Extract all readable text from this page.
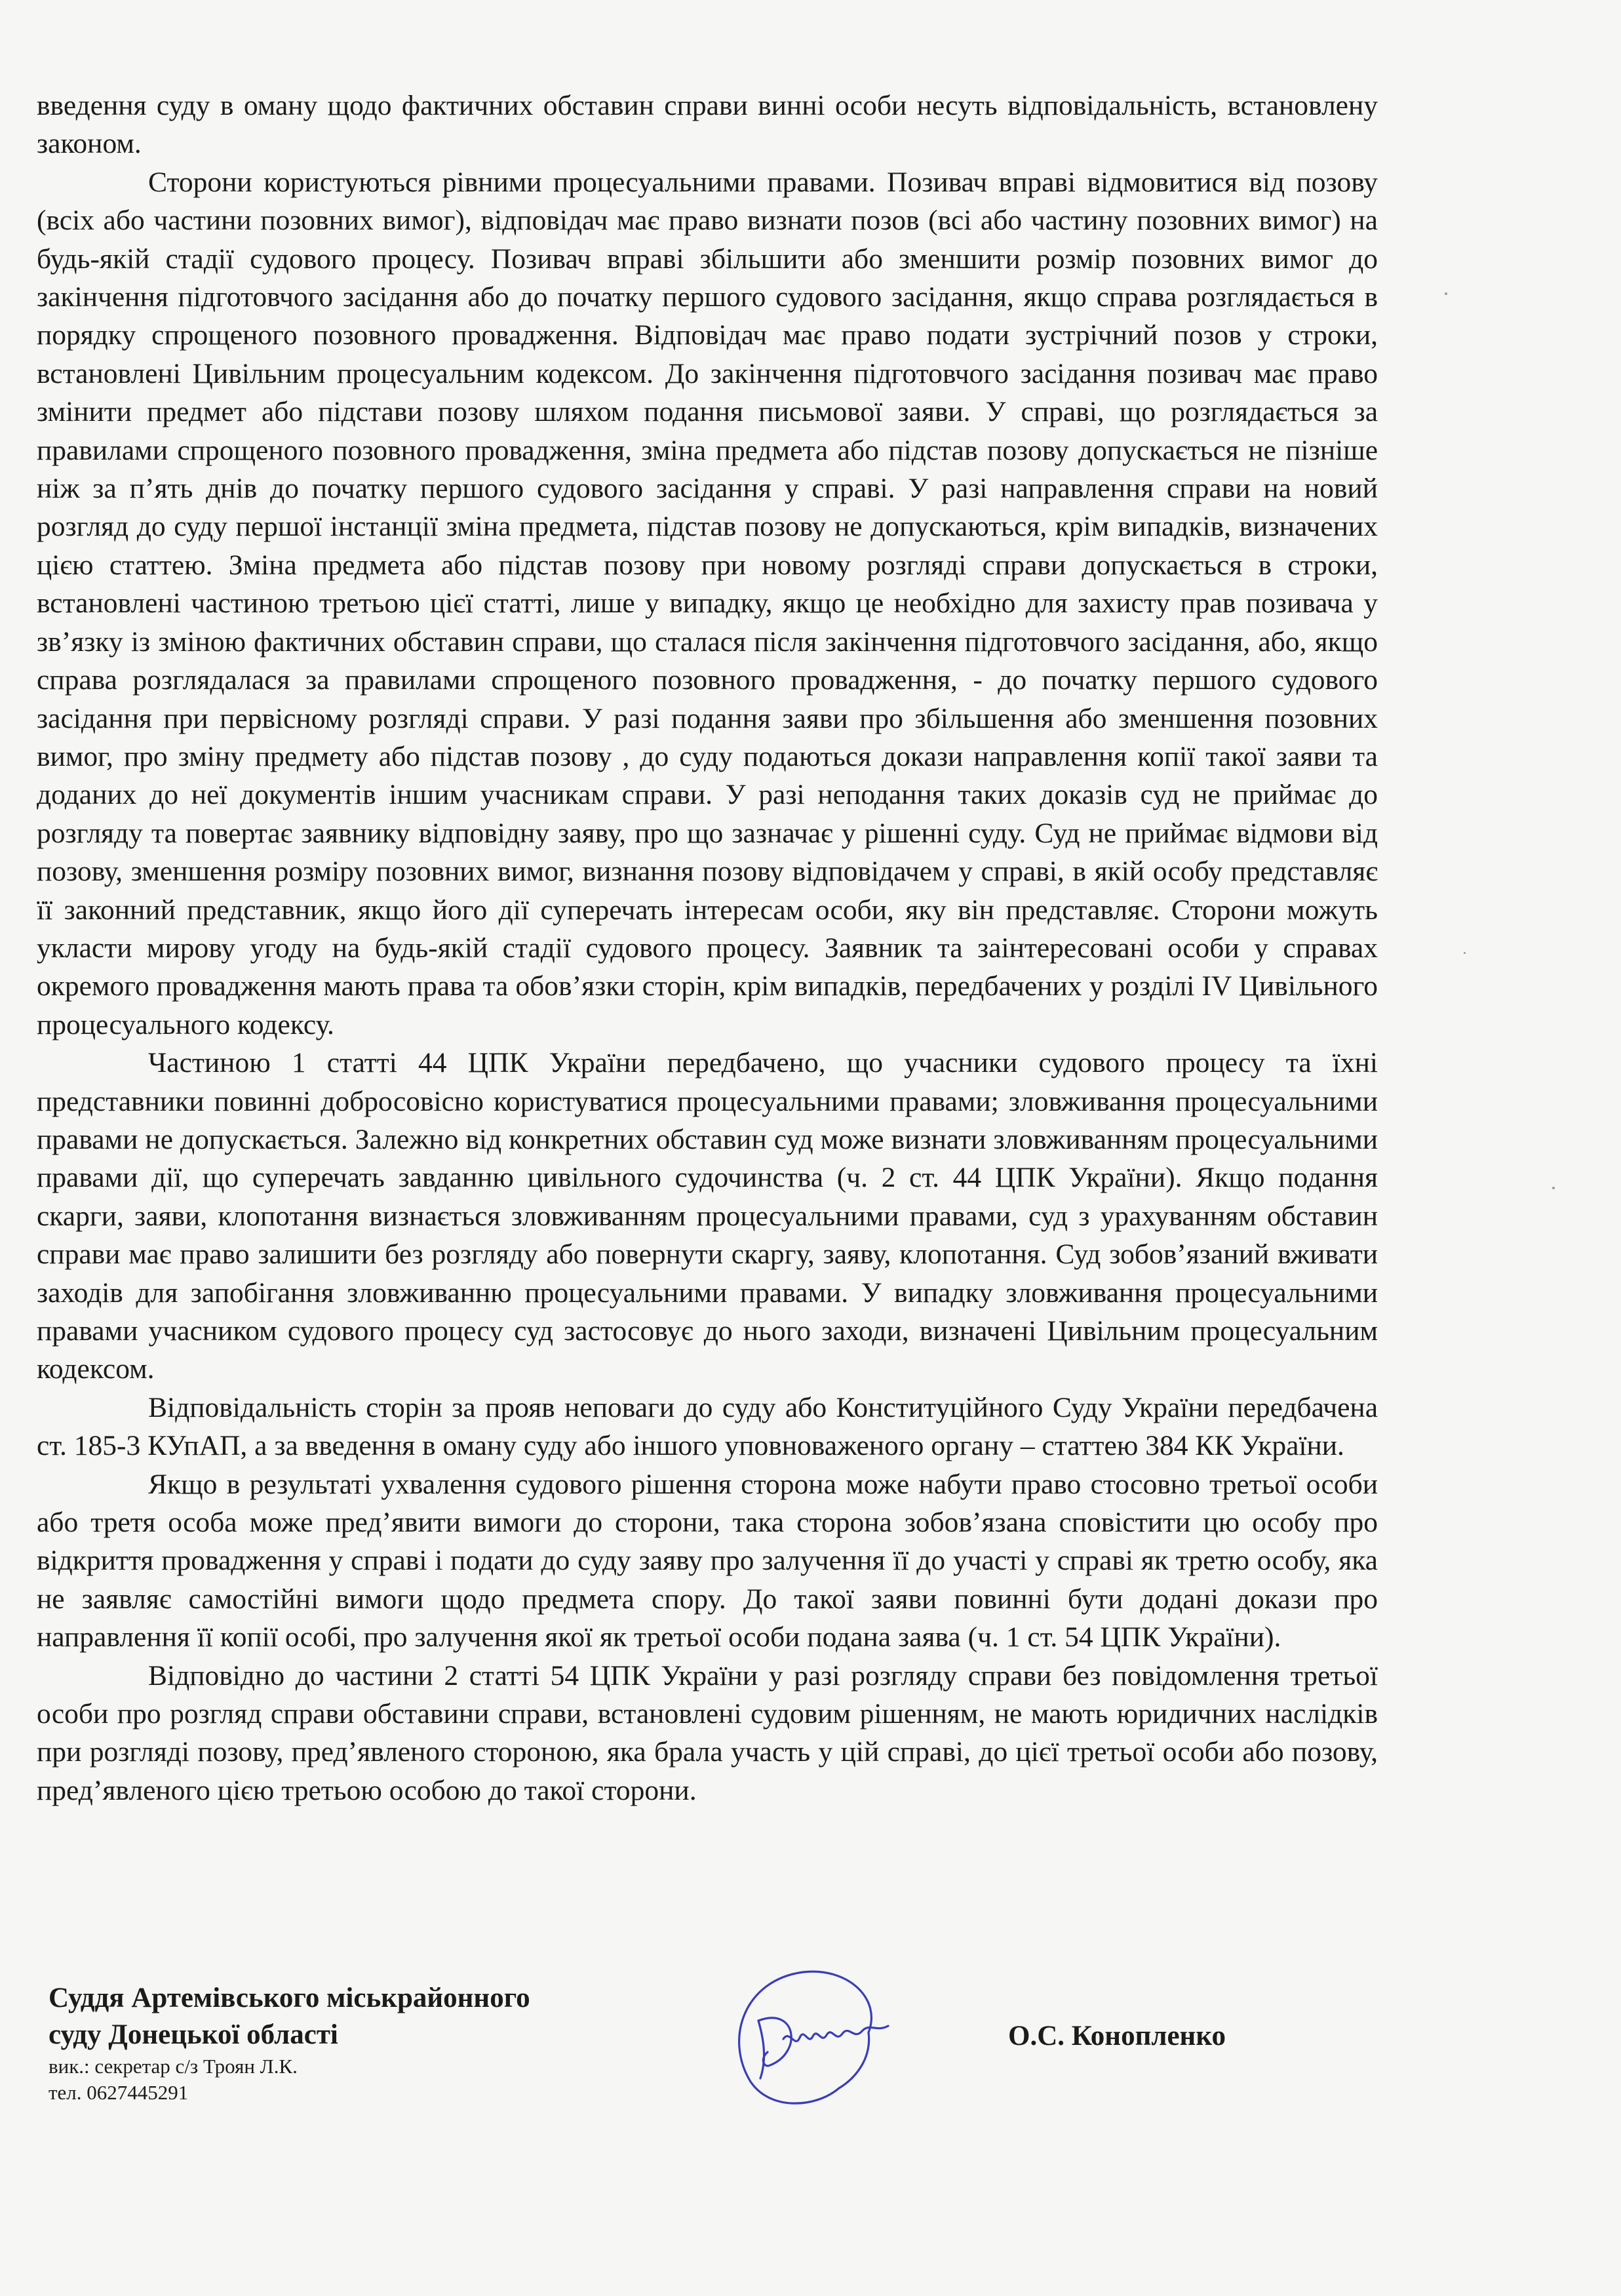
введення суду в оману щодо фактичних обставин справи винні особи несуть відповідальність, встановлену законом.

Сторони користуються рівними процесуальними правами. Позивач вправі відмовитися від позову (всіх або частини позовних вимог), відповідач має право визнати позов (всі або частину позовних вимог) на будь-якій стадії судового процесу. Позивач вправі збільшити або зменшити розмір позовних вимог до закінчення підготовчого засідання або до початку першого судового засідання, якщо справа розглядається в порядку спрощеного позовного провадження. Відповідач має право подати зустрічний позов у строки, встановлені Цивільним процесуальним кодексом. До закінчення підготовчого засідання позивач має право змінити предмет або підстави позову шляхом подання письмової заяви. У справі, що розглядається за правилами спрощеного позовного провадження, зміна предмета або підстав позову допускається не пізніше ніж за п’ять днів до початку першого судового засідання у справі. У разі направлення справи на новий розгляд до суду першої інстанції зміна предмета, підстав позову не допускаються, крім випадків, визначених цією статтею. Зміна предмета або підстав позову при новому розгляді справи допускається в строки, встановлені частиною третьою цієї статті, лише у випадку, якщо це необхідно для захисту прав позивача у зв’язку із зміною фактичних обставин справи, що сталася після закінчення підготовчого засідання, або, якщо справа розглядалася за правилами спрощеного позовного провадження, - до початку першого судового засідання при первісному розгляді справи. У разі подання заяви про збільшення або зменшення позовних вимог, про зміну предмету або підстав позову , до суду подаються докази направлення копії такої заяви та доданих до неї документів іншим учасникам справи. У разі неподання таких доказів суд не приймає до розгляду та повертає заявнику відповідну заяву, про що зазначає у рішенні суду. Суд не приймає відмови від позову, зменшення розміру позовних вимог, визнання позову відповідачем у справі, в якій особу представляє її законний представник, якщо його дії суперечать інтересам особи, яку він представляє. Сторони можуть укласти мирову угоду на будь-якій стадії судового процесу. Заявник та заінтересовані особи у справах окремого провадження мають права та обов’язки сторін, крім випадків, передбачених у розділі IV Цивільного процесуального кодексу.

Частиною 1 статті 44 ЦПК України передбачено, що учасники судового процесу та їхні представники повинні добросовісно користуватися процесуальними правами; зловживання процесуальними правами не допускається. Залежно від конкретних обставин суд може визнати зловживанням процесуальними правами дії, що суперечать завданню цивільного судочинства (ч. 2 ст. 44 ЦПК України). Якщо подання скарги, заяви, клопотання визнається зловживанням процесуальними правами, суд з урахуванням обставин справи має право залишити без розгляду або повернути скаргу, заяву, клопотання. Суд зобов’язаний вживати заходів для запобігання зловживанню процесуальними правами. У випадку зловживання процесуальними правами учасником судового процесу суд застосовує до нього заходи, визначені Цивільним процесуальним кодексом.

Відповідальність сторін за прояв неповаги до суду або Конституційного Суду України передбачена ст. 185-3 КУпАП, а за введення в оману суду або іншого уповноваженого органу – статтею 384 КК України.

Якщо в результаті ухвалення судового рішення сторона може набути право стосовно третьої особи або третя особа може пред’явити вимоги до сторони, така сторона зобов’язана сповістити цю особу про відкриття провадження у справі і подати до суду заяву про залучення її до участі у справі як третю особу, яка не заявляє самостійні вимоги щодо предмета спору. До такої заяви повинні бути додані докази про направлення її копії особі, про залучення якої як третьої особи подана заява (ч. 1 ст. 54 ЦПК України).

Відповідно до частини 2 статті 54 ЦПК України у разі розгляду справи без повідомлення третьої особи про розгляд справи обставини справи, встановлені судовим рішенням, не мають юридичних наслідків при розгляді позову, пред’явленого стороною, яка брала участь у цій справі, до цієї третьої особи або позову, пред’явленого цією третьою особою до такої сторони.

Суддя Артемівського міськрайонного
суду Донецької області
вик.: секретар с/з Троян Л.К.
тел. 0627445291
О.С. Конопленко
